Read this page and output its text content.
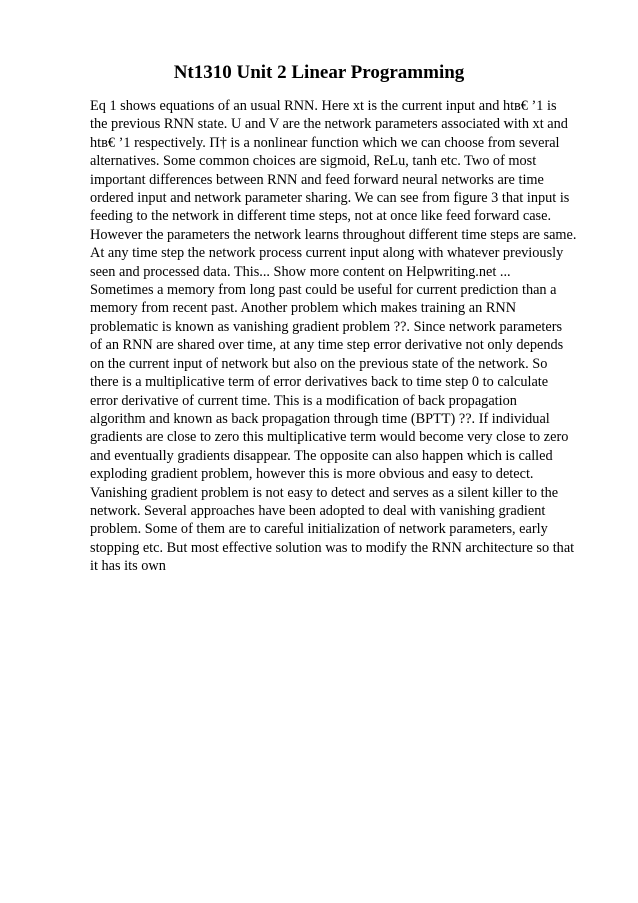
Nt1310 Unit 2 Linear Programming
Eq 1 shows equations of an usual RNN. Here xt is the current input and htв€ ’1 is
the previous RNN state. U and V are the network parameters associated with xt and
htв€ ’1 respectively. П† is a nonlinear function which we can choose from several
alternatives. Some common choices are sigmoid, ReLu, tanh etc. Two of most
important differences between RNN and feed forward neural networks are time
ordered input and network parameter sharing. We can see from figure 3 that input is
feeding to the network in different time steps, not at once like feed forward case.
However the parameters the network learns throughout different time steps are same.
At any time step the network process current input along with whatever previously
seen and processed data. This... Show more content on Helpwriting.net ...
Sometimes a memory from long past could be useful for current prediction than a
memory from recent past. Another problem which makes training an RNN
problematic is known as vanishing gradient problem ??. Since network parameters
of an RNN are shared over time, at any time step error derivative not only depends
on the current input of network but also on the previous state of the network. So
there is a multiplicative term of error derivatives back to time step 0 to calculate
error derivative of current time. This is a modification of back propagation
algorithm and known as back propagation through time (BPTT) ??. If individual
gradients are close to zero this multiplicative term would become very close to zero
and eventually gradients disappear. The opposite can also happen which is called
exploding gradient problem, however this is more obvious and easy to detect.
Vanishing gradient problem is not easy to detect and serves as a silent killer to the
network. Several approaches have been adopted to deal with vanishing gradient
problem. Some of them are to careful initialization of network parameters, early
stopping etc. But most effective solution was to modify the RNN architecture so that
it has its own
